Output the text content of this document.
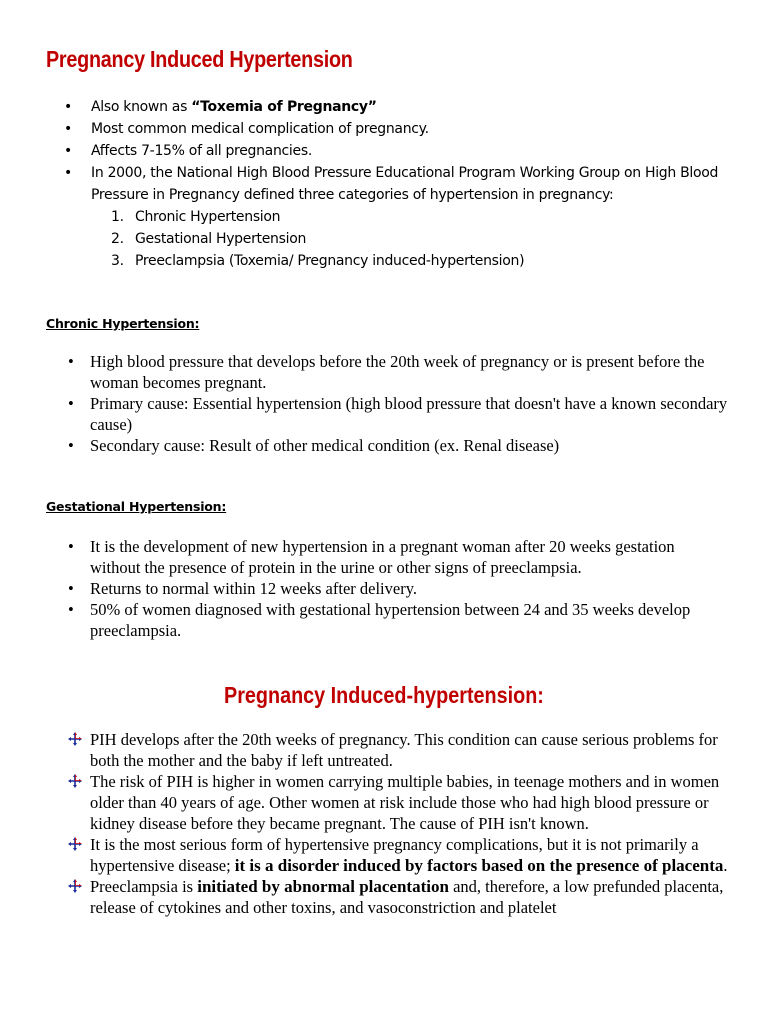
Pregnancy Induced Hypertension
• Also known as “Toxemia of Pregnancy”
• Most common medical complication of pregnancy.
• Affects 7-15% of all pregnancies.
• In 2000, the National High Blood Pressure Educational Program Working Group on High Blood Pressure in Pregnancy defined three categories of hypertension in pregnancy:
1. Chronic Hypertension
2. Gestational Hypertension
3. Preeclampsia (Toxemia/ Pregnancy induced-hypertension)
Chronic Hypertension:
• High blood pressure that develops before the 20th week of pregnancy or is present before the woman becomes pregnant.
• Primary cause: Essential hypertension (high blood pressure that doesn't have a known secondary cause)
• Secondary cause: Result of other medical condition (ex. Renal disease)
Gestational Hypertension:
• It is the development of new hypertension in a pregnant woman after 20 weeks gestation without the presence of protein in the urine or other signs of preeclampsia.
• Returns to normal within 12 weeks after delivery.
• 50% of women diagnosed with gestational hypertension between 24 and 35 weeks develop preeclampsia.
Pregnancy Induced-hypertension:
PIH develops after the 20th weeks of pregnancy. This condition can cause serious problems for both the mother and the baby if left untreated.
The risk of PIH is higher in women carrying multiple babies, in teenage mothers and in women older than 40 years of age. Other women at risk include those who had high blood pressure or kidney disease before they became pregnant. The cause of PIH isn't known.
It is the most serious form of hypertensive pregnancy complications, but it is not primarily a hypertensive disease; it is a disorder induced by factors based on the presence of placenta.
Preeclampsia is initiated by abnormal placentation and, therefore, a low prefunded placenta, release of cytokines and other toxins, and vasoconstriction and platelet
